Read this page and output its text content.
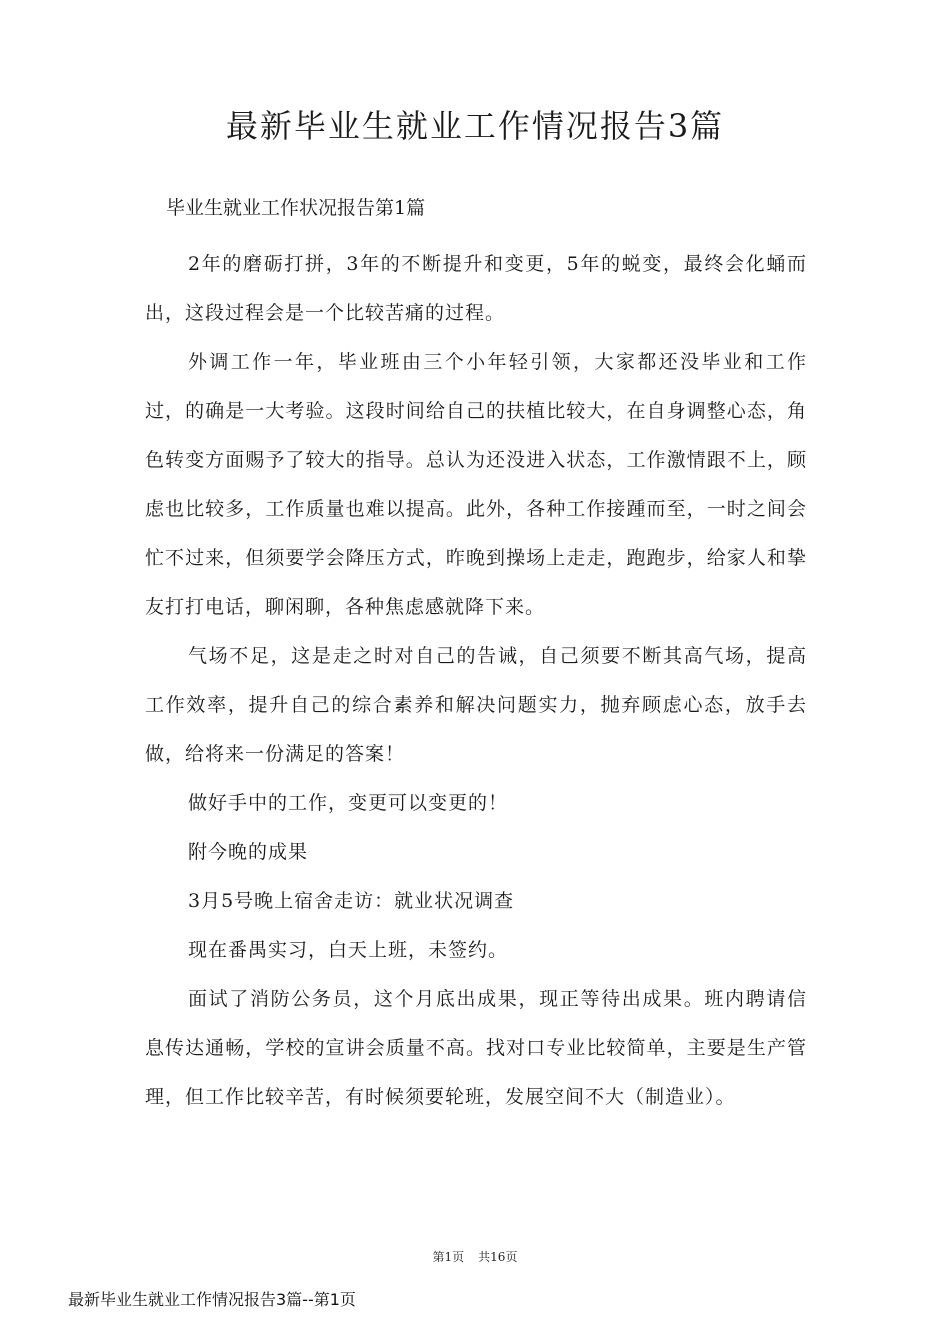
最新毕业生就业工作情况报告3篇
毕业生就业工作状况报告第1篇

2年的磨砺打拼，3年的不断提升和变更，5年的蜕变，最终会化蛹而出，这段过程会是一个比较苦痛的过程。

外调工作一年，毕业班由三个小年轻引领，大家都还没毕业和工作过，的确是一大考验。这段时间给自己的扶植比较大，在自身调整心态，角色转变方面赐予了较大的指导。总认为还没进入状态，工作激情跟不上，顾虑也比较多，工作质量也难以提高。此外，各种工作接踵而至，一时之间会忙不过来，但须要学会降压方式，昨晚到操场上走走，跑跑步，给家人和挚友打打电话，聊闲聊，各种焦虑感就降下来。

气场不足，这是走之时对自己的告诫，自己须要不断其高气场，提高工作效率，提升自己的综合素养和解决问题实力，抛弃顾虑心态，放手去做，给将来一份满足的答案！

做好手中的工作，变更可以变更的！

附今晚的成果

3月5号晚上宿舍走访：就业状况调查

现在番禺实习，白天上班，未签约。

面试了消防公务员，这个月底出成果，现正等待出成果。班内聘请信息传达通畅，学校的宣讲会质量不高。找对口专业比较简单，主要是生产管理，但工作比较辛苦，有时候须要轮班，发展空间不大（制造业）。

第1页 共16页
最新毕业生就业工作情况报告3篇--第1页
